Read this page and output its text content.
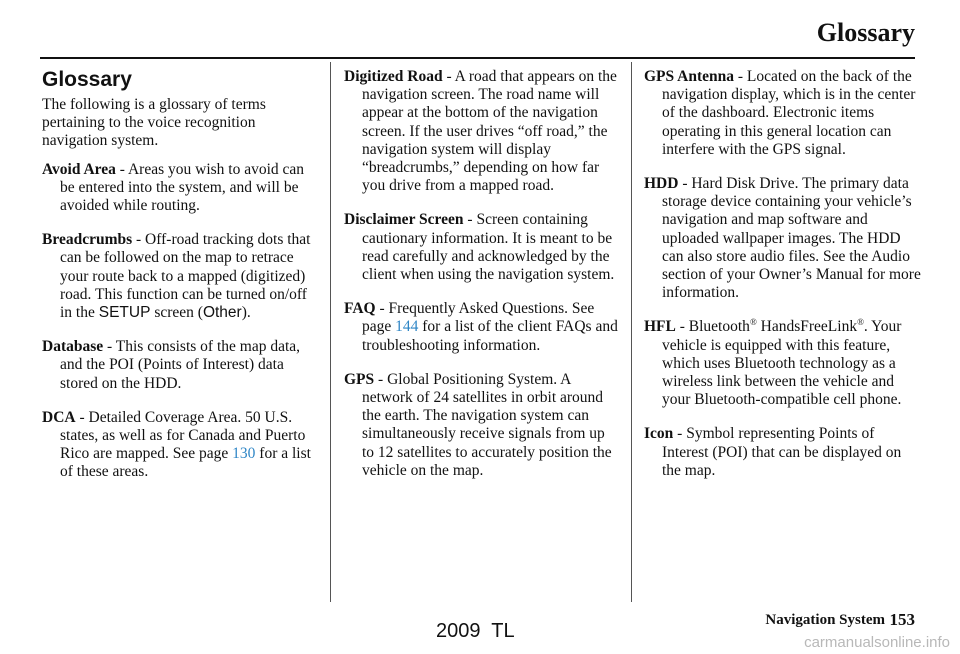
Glossary
Glossary

The following is a glossary of terms pertaining to the voice recognition navigation system.

Avoid Area - Areas you wish to avoid can be entered into the system, and will be avoided while routing.

Breadcrumbs - Off-road tracking dots that can be followed on the map to retrace your route back to a mapped (digitized) road. This function can be turned on/off in the SETUP screen (Other).

Database - This consists of the map data, and the POI (Points of Interest) data stored on the HDD.

DCA - Detailed Coverage Area. 50 U.S. states, as well as for Canada and Puerto Rico are mapped. See page 130 for a list of these areas.

Digitized Road - A road that appears on the navigation screen. The road name will appear at the bottom of the navigation screen. If the user drives “off road,” the navigation system will display “breadcrumbs,” depending on how far you drive from a mapped road.

Disclaimer Screen - Screen containing cautionary information. It is meant to be read carefully and acknowledged by the client when using the navigation system.

FAQ - Frequently Asked Questions. See page 144 for a list of the client FAQs and troubleshooting information.

GPS - Global Positioning System. A network of 24 satellites in orbit around the earth. The navigation system can simultaneously receive signals from up to 12 satellites to accurately position the vehicle on the map.

GPS Antenna - Located on the back of the navigation display, which is in the center of the dashboard. Electronic items operating in this general location can interfere with the GPS signal.

HDD - Hard Disk Drive. The primary data storage device containing your vehicle’s navigation and map software and uploaded wallpaper images. The HDD can also store audio files. See the Audio section of your Owner’s Manual for more information.

HFL - Bluetooth® HandsFreeLink®. Your vehicle is equipped with this feature, which uses Bluetooth technology as a wireless link between the vehicle and your Bluetooth-compatible cell phone.

Icon - Symbol representing Points of Interest (POI) that can be displayed on the map.

Navigation System 153
2009  TL
carmanualsonline.info
